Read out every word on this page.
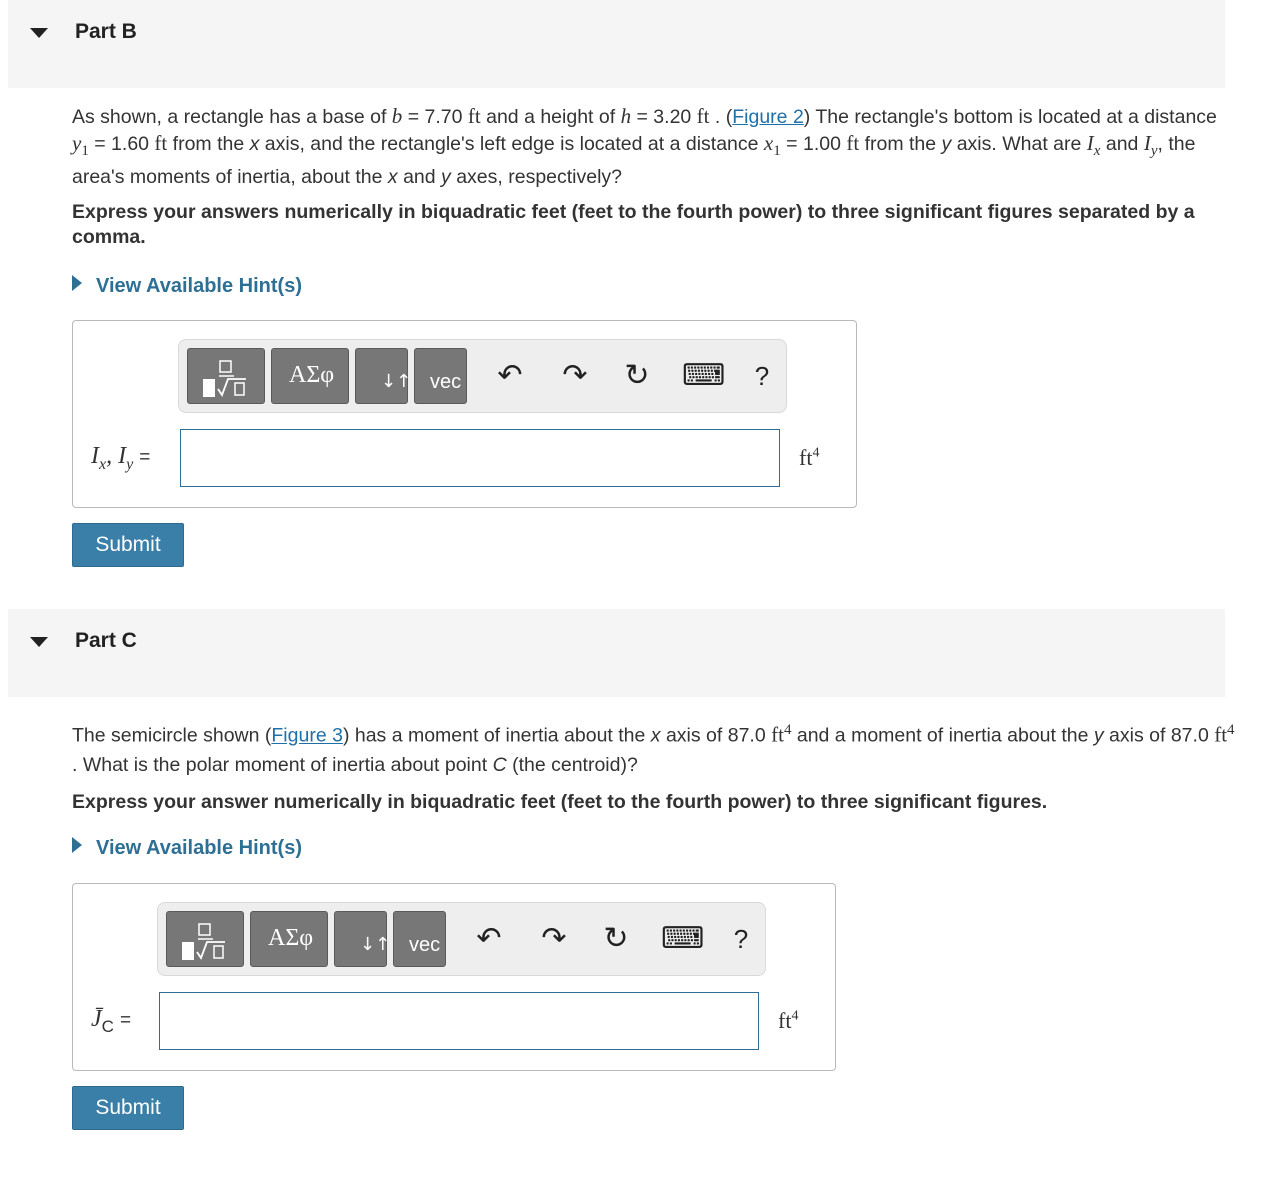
Part B
As shown, a rectangle has a base of b = 7.70 ft and a height of h = 3.20 ft . (Figure 2) The rectangle's bottom is located at a distance $y_1 = 1.60$ ft from the x axis, and the rectangle's left edge is located at a distance $x_1 = 1.00$ ft from the y axis. What are $I_x$ and $I_y$, the area's moments of inertia, about the x and y axes, respectively?
Express your answers numerically in biquadratic feet (feet to the fourth power) to three significant figures separated by a comma.
View Available Hint(s)
ΑΣφ	↓↑ vec ↶ ↷ ↻ ⌨	?
$I_x$, $I_y$ =	$ft^4$
Submit
Part C
The semicircle shown (Figure 3) has a moment of inertia about the x axis of 87.0 $ft^4$ and a moment of inertia about the y axis of 87.0 $ft^4$ . What is the polar moment of inertia about point C (the centroid)?
Express your answer numerically in biquadratic feet (feet to the fourth power) to three significant figures.
View Available Hint(s)
ΑΣφ	↓↑ vec ↶ ↷ ↻ ⌨	?
$J̄_C$ =	$ft^4$
Submit
